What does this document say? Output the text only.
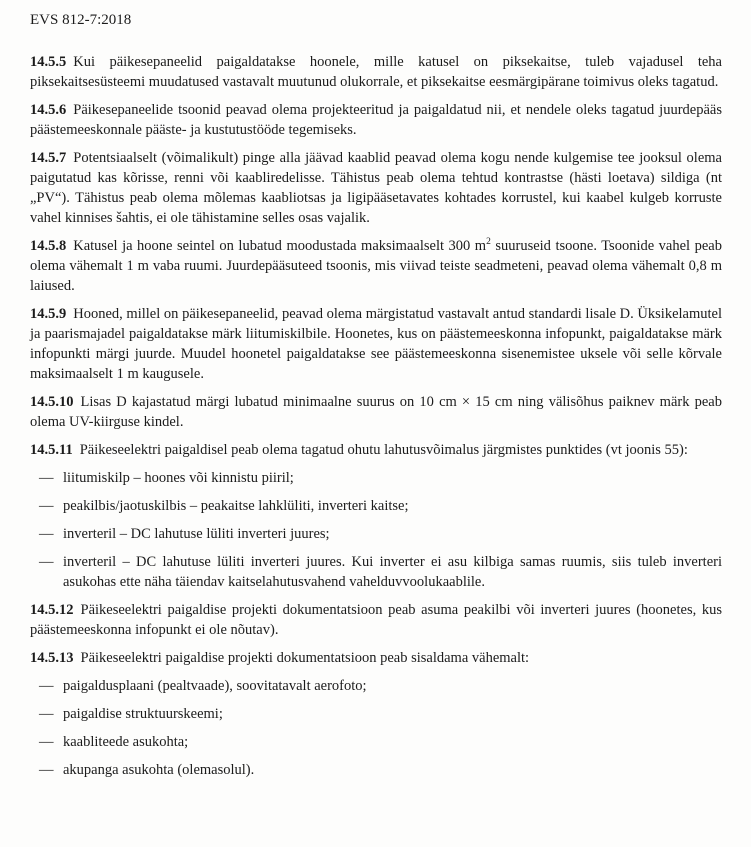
EVS 812-7:2018

14.5.5 Kui päikesepaneelid paigaldatakse hoonele, mille katusel on piksekaitse, tuleb vajadusel teha piksekaitsesüsteemi muudatused vastavalt muutunud olukorrale, et piksekaitse eesmärgipärane toimivus oleks tagatud.

14.5.6 Päikesepaneelide tsoonid peavad olema projekteeritud ja paigaldatud nii, et nendele oleks tagatud juurdepääs päästemeeskonnale pääste- ja kustutustööde tegemiseks.

14.5.7 Potentsiaalselt (võimalikult) pinge alla jäävad kaablid peavad olema kogu nende kulgemise tee jooksul olema paigutatud kas kõrisse, renni või kaabliredelisse. Tähistus peab olema tehtud kontrastse (hästi loetava) sildiga (nt „PV“). Tähistus peab olema mõlemas kaabliotsas ja ligipääsetavates kohtades korrustel, kui kaabel kulgeb korruste vahel kinnises šahtis, ei ole tähistamine selles osas vajalik.

14.5.8 Katusel ja hoone seintel on lubatud moodustada maksimaalselt 300 $m^2$ suuruseid tsoone. Tsoonide vahel peab olema vähemalt 1 m vaba ruumi. Juurdepääsuteed tsoonis, mis viivad teiste seadmeteni, peavad olema vähemalt 0,8 m laiused.

14.5.9 Hooned, millel on päikesepaneelid, peavad olema märgistatud vastavalt antud standardi lisale D. Üksikelamutel ja paarismajadel paigaldatakse märk liitumiskilbile. Hoonetes, kus on päästemeeskonna infopunkt, paigaldatakse märk infopunkti märgi juurde. Muudel hoonetel paigaldatakse see päästemeeskonna sisenemistee uksele või selle kõrvale maksimaalselt 1 m kaugusele.

14.5.10 Lisas D kajastatud märgi lubatud minimaalne suurus on 10 cm × 15 cm ning välisõhus paiknev märk peab olema UV-kiirguse kindel.

14.5.11 Päikeseelektri paigaldisel peab olema tagatud ohutu lahutusvõimalus järgmistes punktides (vt joonis 55):

— liitumiskilp – hoones või kinnistu piiril;
— peakilbis/jaotuskilbis – peakaitse lahklüliti, inverteri kaitse;
— inverteril – DC lahutuse lüliti inverteri juures;
— inverteril – DC lahutuse lüliti inverteri juures. Kui inverter ei asu kilbiga samas ruumis, siis tuleb inverteri asukohas ette näha täiendav kaitselahutusvahend vahelduvvoolukaablile.

14.5.12 Päikeseelektri paigaldise projekti dokumentatsioon peab asuma peakilbi või inverteri juures (hoonetes, kus päästemeeskonna infopunkt ei ole nõutav).

14.5.13 Päikeseelektri paigaldise projekti dokumentatsioon peab sisaldama vähemalt:

— paigaldusplaani (pealtvaade), soovitatavalt aerofoto;
— paigaldise struktuurskeemi;
— kaabliteede asukohta;
— akupanga asukohta (olemasolul).
